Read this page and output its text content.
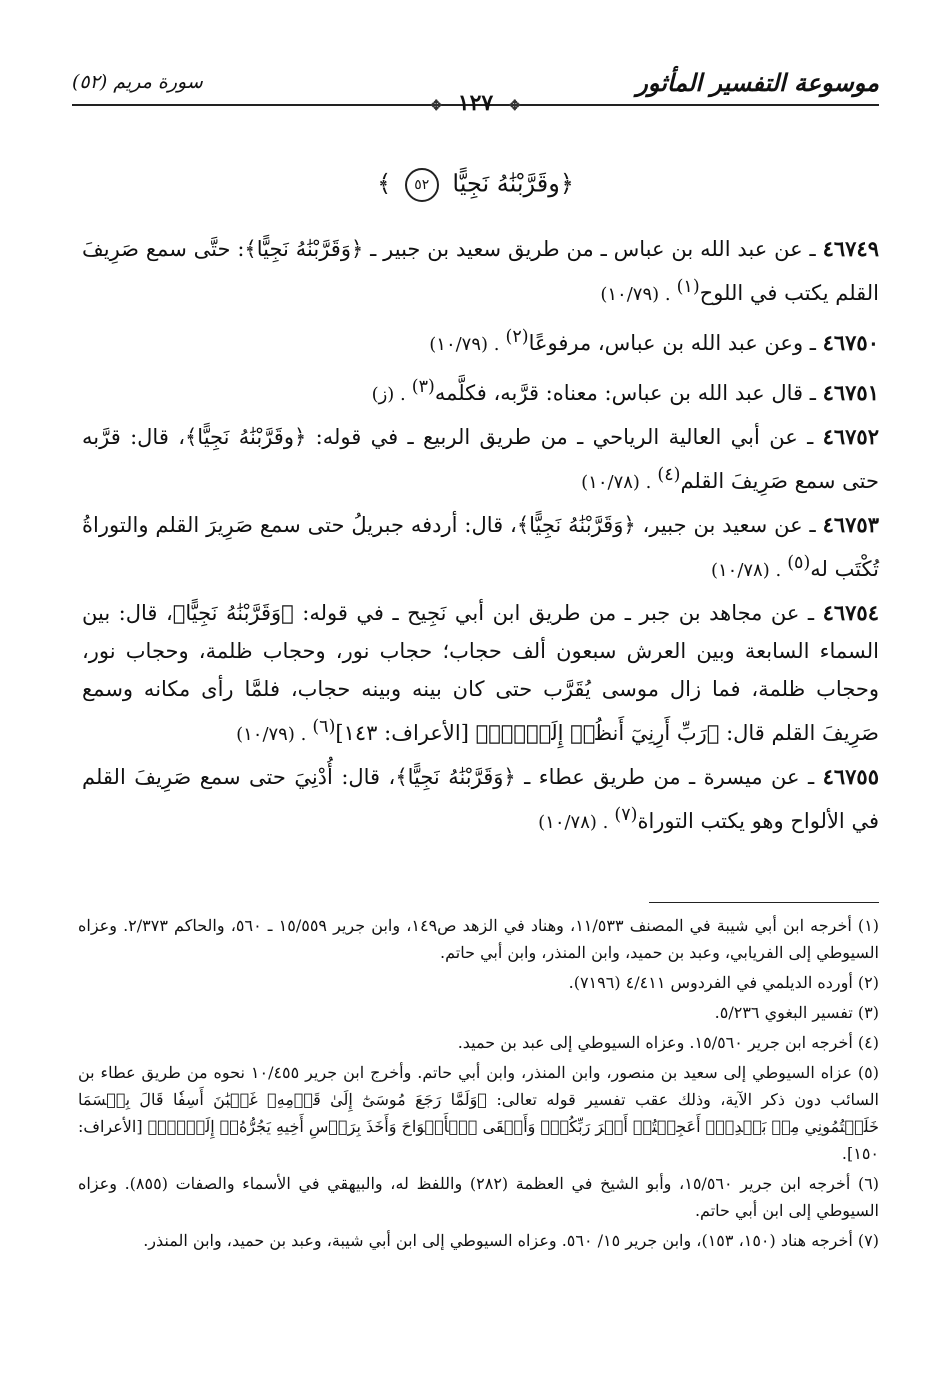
موسوعة التفسير المأثور
سورة مريم (٥٢)
✥ ١٢٧ ✥
﴿وقَرَّبْنَٰهُ نَجِيًّا ٥٢ ﴾

٤٦٧٤٩ ـ عن عبد الله بن عباس ـ من طريق سعيد بن جبير ـ ﴿وَقَرَّبْنَٰهُ نَجِيًّا﴾: حتَّى سمع صَرِيفَ القلم يكتب في اللوح$^{(١)}$. (١٠/٧٩)

٤٦٧٥٠ ـ وعن عبد الله بن عباس، مرفوعًا$^{(٢)}$. (١٠/٧٩)

٤٦٧٥١ ـ قال عبد الله بن عباس: معناه: قرَّبه، فكلَّمه$^{(٣)}$. (ز)

٤٦٧٥٢ ـ عن أبي العالية الرياحي ـ من طريق الربيع ـ في قوله: ﴿وقَرَّبْنَٰهُ نَجِيًّا﴾، قال: قرَّبه حتى سمع صَرِيفَ القلم$^{(٤)}$. (١٠/٧٨)

٤٦٧٥٣ ـ عن سعيد بن جبير، ﴿وَقَرَّبْنَٰهُ نَجِيًّا﴾، قال: أردفه جبريلُ حتى سمع صَرِيرَ القلم والتوراةُ تُكْتَب له$^{(٥)}$. (١٠/٧٨)

٤٦٧٥٤ ـ عن مجاهد بن جبر ـ من طريق ابن أبي نَجِيح ـ في قوله: ﴿وَقَرَّبْنَٰهُ نَجِيًّا﴾، قال: بين السماء السابعة وبين العرش سبعون ألف حجاب؛ حجاب نور، وحجاب ظلمة، وحجاب نور، وحجاب ظلمة، فما زال موسى يُقَرَّب حتى كان بينه وبينه حجاب، فلمَّا رأى مكانه وسمع صَرِيفَ القلم قال: ﴿رَبِّ أَرِنِيٓ أَنظُرۡ إِلَيۡكَۚ﴾ [الأعراف: ١٤٣]$^{(٦)}$. (١٠/٧٩)

٤٦٧٥٥ ـ عن ميسرة ـ من طريق عطاء ـ ﴿وَقَرَّبْنَٰهُ نَجِيًّا﴾، قال: أُدْنِيَ حتى سمع صَرِيفَ القلم في الألواح وهو يكتب التوراة$^{(٧)}$. (١٠/٧٨)

(١) أخرجه ابن أبي شيبة في المصنف ١١/٥٣٣، وهناد في الزهد ص١٤٩، وابن جرير ١٥/٥٥٩ ـ ٥٦٠، والحاكم ٢/٣٧٣. وعزاه السيوطي إلى الفريابي، وعبد بن حميد، وابن المنذر، وابن أبي حاتم.

(٢) أورده الديلمي في الفردوس ٤/٤١١ (٧١٩٦).

(٣) تفسير البغوي ٥/٢٣٦.

(٤) أخرجه ابن جرير ١٥/٥٦٠. وعزاه السيوطي إلى عبد بن حميد.

(٥) عزاه السيوطي إلى سعيد بن منصور، وابن المنذر، وابن أبي حاتم. وأخرج ابن جرير ١٠/٤٥٥ نحوه من طريق عطاء بن السائب دون ذكر الآية، وذلك عقب تفسير قوله تعالى: ﴿وَلَمَّا رَجَعَ مُوسَىٰٓ إِلَىٰ قَوۡمِهِۦ غَضۡبَٰنَ أَسِفٗا قَالَ بِئۡسَمَا خَلَفۡتُمُونِي مِنۢ بَعۡدِيٓۖ أَعَجِلۡتُمۡ أَمۡرَ رَبِّكُمۡۖ وَأَلۡقَى ٱلۡأَلۡوَاحَ وَأَخَذَ بِرَأۡسِ أَخِيهِ يَجُرُّهُۥٓ إِلَيۡهِۚ﴾ [الأعراف: ١٥٠].

(٦) أخرجه ابن جرير ١٥/٥٦٠، وأبو الشيخ في العظمة (٢٨٢) واللفظ له، والبيهقي في الأسماء والصفات (٨٥٥). وعزاه السيوطي إلى ابن أبي حاتم.

(٧) أخرجه هناد (١٥٠، ١٥٣)، وابن جرير ١٥/ ٥٦٠. وعزاه السيوطي إلى ابن أبي شيبة، وعبد بن حميد، وابن المنذر.
